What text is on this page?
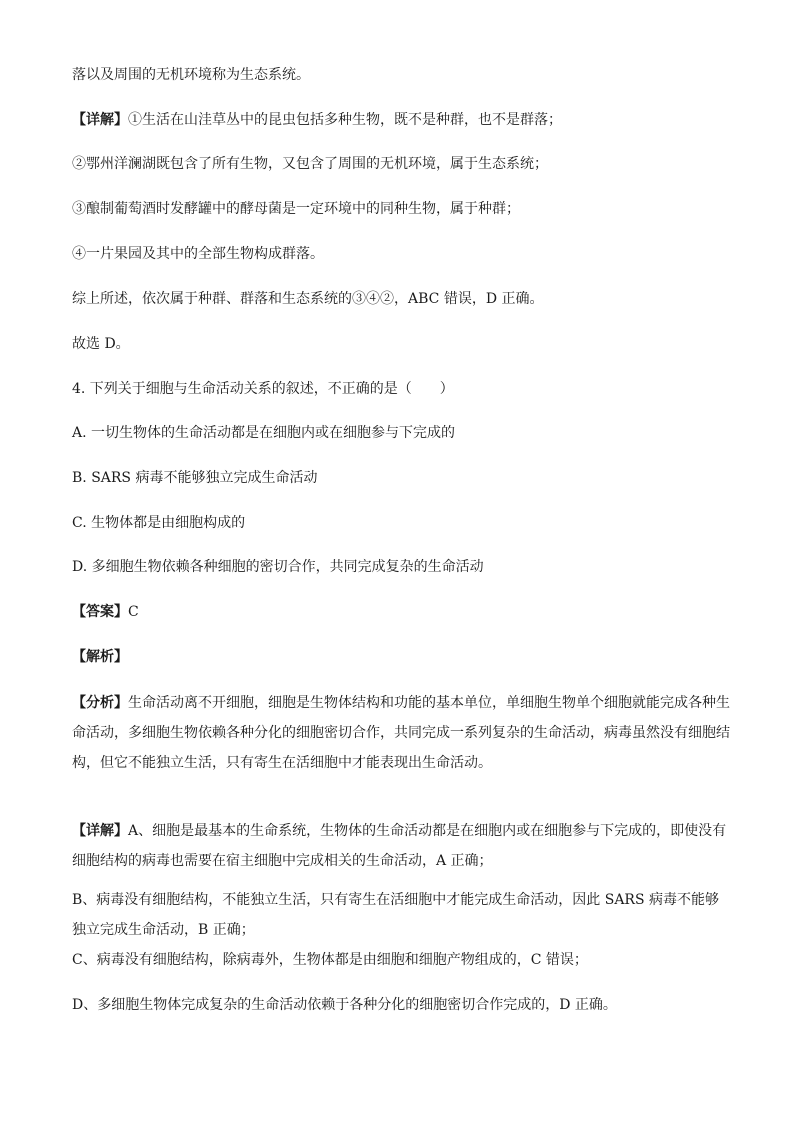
落以及周围的无机环境称为生态系统。
【详解】①生活在山洼草丛中的昆虫包括多种生物，既不是种群，也不是群落；
②鄂州洋澜湖既包含了所有生物，又包含了周围的无机环境，属于生态系统；
③酿制葡萄酒时发酵罐中的酵母菌是一定环境中的同种生物，属于种群；
④一片果园及其中的全部生物构成群落。
综上所述，依次属于种群、群落和生态系统的③④②，ABC 错误，D 正确。
故选 D。
4. 下列关于细胞与生命活动关系的叙述，不正确的是（　　）
A. 一切生物体的生命活动都是在细胞内或在细胞参与下完成的
B. SARS 病毒不能够独立完成生命活动
C. 生物体都是由细胞构成的
D. 多细胞生物依赖各种细胞的密切合作，共同完成复杂的生命活动
【答案】C
【解析】
【分析】生命活动离不开细胞，细胞是生物体结构和功能的基本单位，单细胞生物单个细胞就能完成各种生命活动，多细胞生物依赖各种分化的细胞密切合作，共同完成一系列复杂的生命活动，病毒虽然没有细胞结构，但它不能独立生活，只有寄生在活细胞中才能表现出生命活动。
【详解】A、细胞是最基本的生命系统，生物体的生命活动都是在细胞内或在细胞参与下完成的，即使没有细胞结构的病毒也需要在宿主细胞中完成相关的生命活动，A 正确；
B、病毒没有细胞结构，不能独立生活，只有寄生在活细胞中才能完成生命活动，因此 SARS 病毒不能够独立完成生命活动，B 正确；
C、病毒没有细胞结构，除病毒外，生物体都是由细胞和细胞产物组成的，C 错误；
D、多细胞生物体完成复杂的生命活动依赖于各种分化的细胞密切合作完成的，D 正确。
